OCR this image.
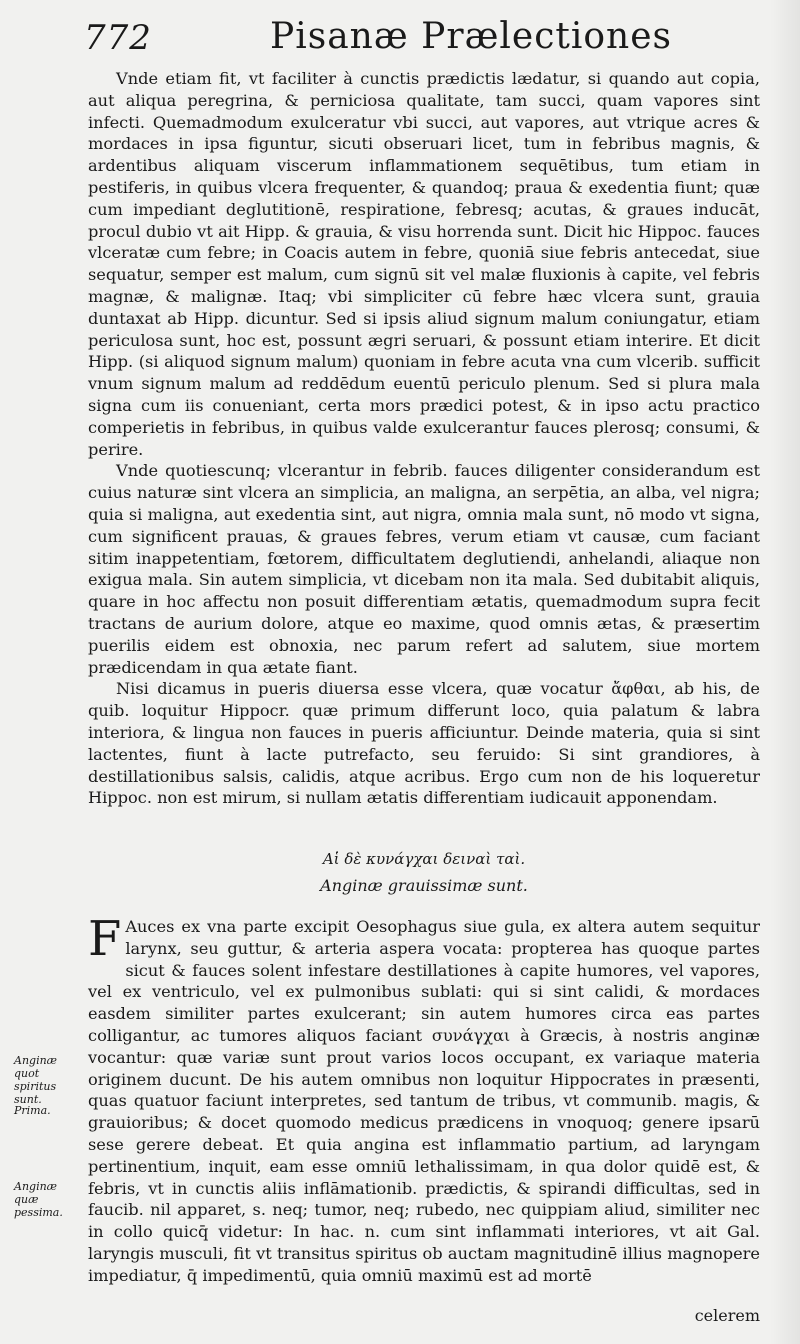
772	Pisanæ Prælectiones

Vnde etiam fit, vt faciliter à cunctis prædictis lædatur, si quando aut copia, aut aliqua peregrina, & perniciosa qualitate, tam succi, quam vapores sint infecti. Quemadmodum exulceratur vbi succi, aut vapores, aut vtrique acres & mordaces in ipsa figuntur, sicuti obseruari licet, tum in febribus magnis, & ardentibus aliquam viscerum inflammationem sequētibus, tum etiam in pestiferis, in quibus vlcera frequenter, & quandoq; praua & exedentia fiunt; quæ cum impediant deglutitionē, respiratione, febresq; acutas, & graues inducāt, procul dubio vt ait Hipp. & grauia, & visu horrenda sunt. Dicit hic Hippoc. fauces vlceratæ cum febre; in Coacis autem in febre, quoniā siue febris antecedat, siue sequatur, semper est malum, cum signū sit vel malæ fluxionis à capite, vel febris magnæ, & malignæ. Itaq; vbi simpliciter cū febre hæc vlcera sunt, grauia duntaxat ab Hipp. dicuntur. Sed si ipsis aliud signum malum coniungatur, etiam periculosa sunt, hoc est, possunt ægri seruari, & possunt etiam interire. Et dicit Hipp. (si aliquod signum malum) quoniam in febre acuta vna cum vlcerib. sufficit vnum signum malum ad reddēdum euentū periculo plenum. Sed si plura mala signa cum iis conueniant, certa mors prædici potest, & in ipso actu practico comperietis in febribus, in quibus valde exulcerantur fauces plerosq; consumi, & perire.

Vnde quotiescunq; vlcerantur in febrib. fauces diligenter considerandum est cuius naturæ sint vlcera an simplicia, an maligna, an serpētia, an alba, vel nigra; quia si maligna, aut exedentia sint, aut nigra, omnia mala sunt, nō modo vt signa, cum significent prauas, & graues febres, verum etiam vt causæ, cum faciant sitim inappetentiam, fœtorem, difficultatem deglutiendi, anhelandi, aliaque non exigua mala. Sin autem simplicia, vt dicebam non ita mala. Sed dubitabit aliquis, quare in hoc affectu non posuit differentiam ætatis, quemadmodum supra fecit tractans de aurium dolore, atque eo maxime, quod omnis ætas, & præsertim puerilis eidem est obnoxia, nec parum refert ad salutem, siue mortem prædicendam in qua ætate fiant.

Nisi dicamus in pueris diuersa esse vlcera, quæ vocatur ἄφθαι, ab his, de quib. loquitur Hippocr. quæ primum differunt loco, quia palatum & labra interiora, & lingua non fauces in pueris afficiuntur. Deinde materia, quia si sint lactentes, fiunt à lacte putrefacto, seu feruido: Si sint grandiores, à destillationibus salsis, calidis, atque acribus. Ergo cum non de his loqueretur Hippoc. non est mirum, si nullam ætatis differentiam iudicauit apponendam.

Αἱ δὲ κυνάγχαι δειναὶ ταὶ.
Anginæ grauissimæ sunt.

F Auces ex vna parte excipit Oesophagus siue gula, ex altera autem sequitur larynx, seu guttur, & arteria aspera vocata: propterea has quoque partes sicut & fauces solent infestare destillationes à capite humores, vel vapores, vel ex ventriculo, vel ex pulmonibus sublati: qui si sint calidi, & mordaces easdem similiter partes exulcerant; sin autem humores circa eas partes colligantur, ac tumores aliquos faciant συνάγχαι à Græcis, à nostris anginæ vocantur: quæ variæ sunt prout varios locos occupant, ex variaque materia originem ducunt. De his autem omnibus non loquitur Hippocrates in præsenti, quas quatuor faciunt interpretes, sed tantum de tribus, vt communib. magis, & grauioribus; & docet quomodo medicus prædicens in vnoquoq; genere ipsarū sese gerere debeat. Et quia angina est inflammatio partium, ad laryngam pertinentium, inquit, eam esse omniū lethalissimam, in qua dolor quidē est, & febris, vt in cunctis aliis inflāmationib. prædictis, & spirandi difficultas, sed in faucib. nil apparet, s. neq; tumor, neq; rubedo, nec quippiam aliud, similiter nec in collo quicq̄ videtur: In hac. n. cum sint inflammati interiores, vt ait Gal. laryngis musculi, fit vt transitus spiritus ob auctam magnitudinē illius magnopere impediatur, q̄ impedimentū, quia omniū maximū est ad mortē

Anginæ quot spiritus sunt.
Prima.
Anginæ quæ pessima.
celerem
